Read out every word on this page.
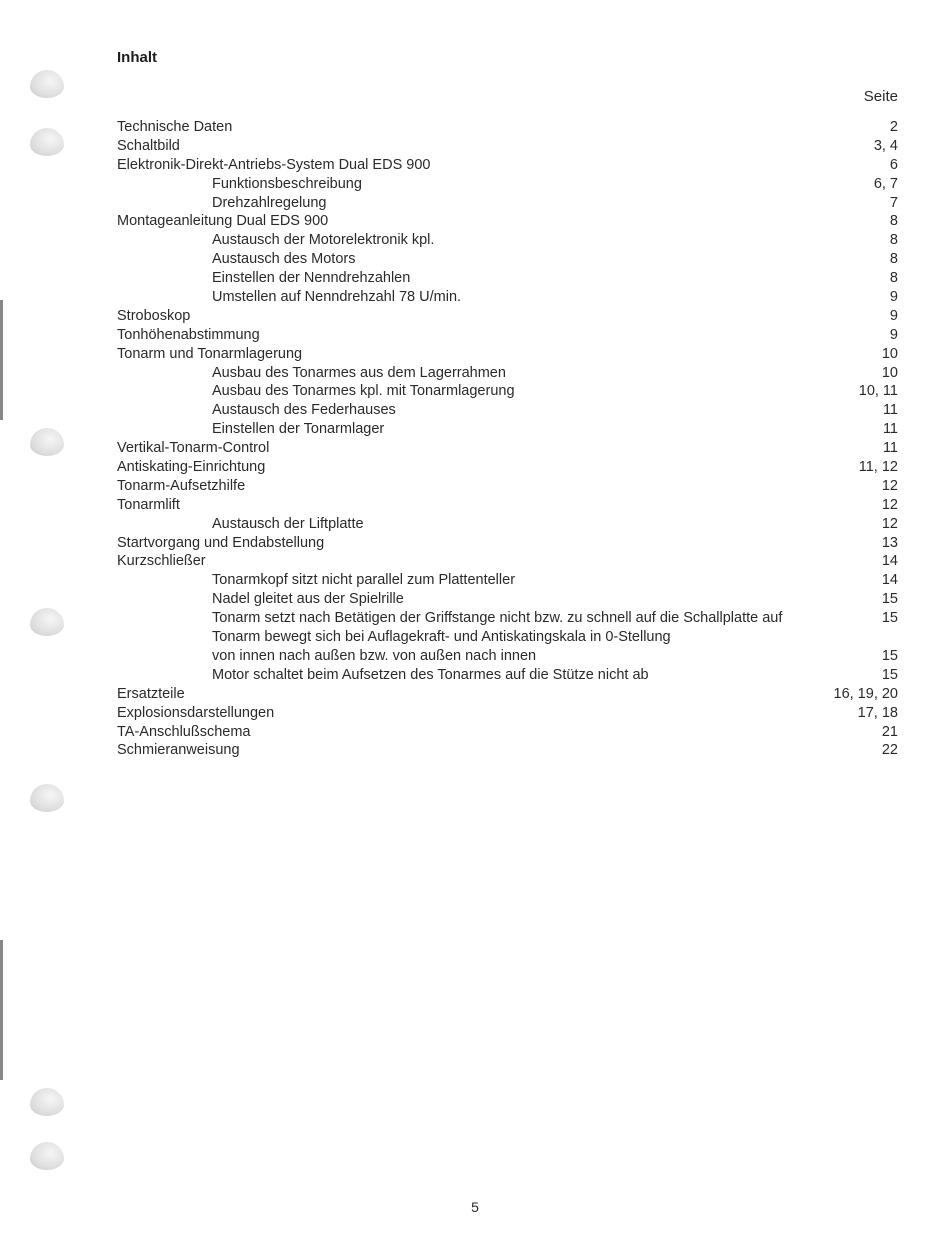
Inhalt
Seite
Technische Daten	2
Schaltbild	3, 4
Elektronik-Direkt-Antriebs-System Dual EDS 900	6
Funktionsbeschreibung	6, 7
Drehzahlregelung	7
Montageanleitung Dual EDS 900	8
Austausch der Motorelektronik kpl.	8
Austausch des Motors	8
Einstellen der Nenndrehzahlen	8
Umstellen auf Nenndrehzahl 78 U/min.	9
Stroboskop	9
Tonhöhenabstimmung	9
Tonarm und Tonarmlagerung	10
Ausbau des Tonarmes aus dem Lagerrahmen	10
Ausbau des Tonarmes kpl. mit Tonarmlagerung	10, 11
Austausch des Federhauses	11
Einstellen der Tonarmlager	11
Vertikal-Tonarm-Control	11
Antiskating-Einrichtung	11, 12
Tonarm-Aufsetzhilfe	12
Tonarmlift	12
Austausch der Liftplatte	12
Startvorgang und Endabstellung	13
Kurzschließer	14
Tonarmkopf sitzt nicht parallel zum Plattenteller	14
Nadel gleitet aus der Spielrille	15
Tonarm setzt nach Betätigen der Griffstange nicht bzw. zu schnell auf die Schallplatte auf	15
Tonarm bewegt sich bei Auflagekraft- und Antiskatingskala in 0-Stellung
von innen nach außen bzw. von außen nach innen	15
Motor schaltet beim Aufsetzen des Tonarmes auf die Stütze nicht ab	15
Ersatzteile	16, 19, 20
Explosionsdarstellungen	17, 18
TA-Anschlußschema	21
Schmieranweisung	22
5
